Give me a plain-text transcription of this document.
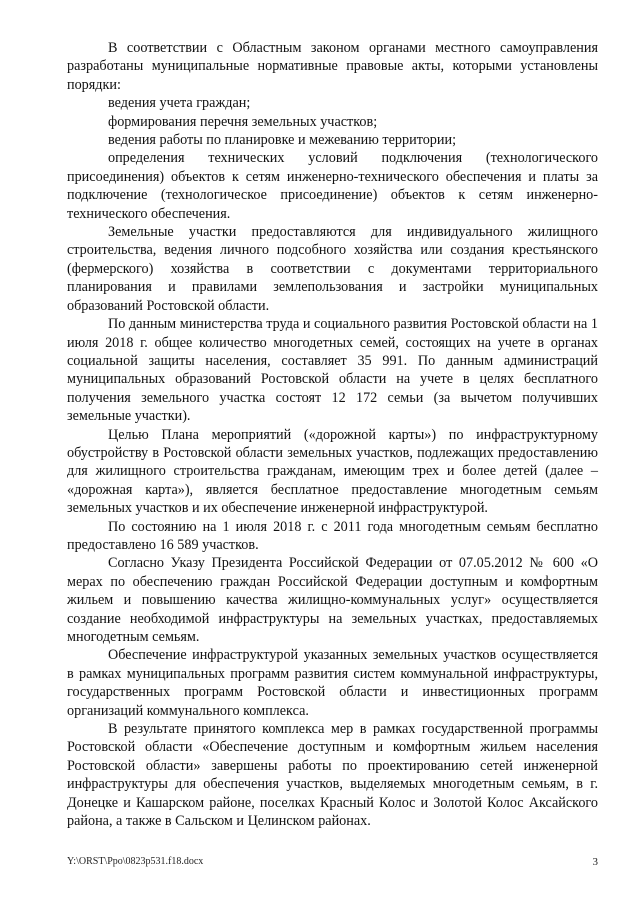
В соответствии с Областным законом органами местного самоуправления разработаны муниципальные нормативные правовые акты, которыми установлены порядки:

ведения учета граждан;

формирования перечня земельных участков;

ведения работы по планировке и межеванию территории;

определения технических условий подключения (технологического присоединения) объектов к сетям инженерно-технического обеспечения и платы за подключение (технологическое присоединение) объектов к сетям инженерно-технического обеспечения.

Земельные участки предоставляются для индивидуального жилищного строительства, ведения личного подсобного хозяйства или создания крестьянского (фермерского) хозяйства в соответствии с документами территориального планирования и правилами землепользования и застройки муниципальных образований Ростовской области.

По данным министерства труда и социального развития Ростовской области на 1 июля 2018 г. общее количество многодетных семей, состоящих на учете в органах социальной защиты населения, составляет 35 991. По данным администраций муниципальных образований Ростовской области на учете в целях бесплатного получения земельного участка состоят 12 172 семьи (за вычетом получивших земельные участки).

Целью Плана мероприятий («дорожной карты») по инфраструктурному обустройству в Ростовской области земельных участков, подлежащих предоставлению для жилищного строительства гражданам, имеющим трех и более детей (далее – «дорожная карта»), является бесплатное предоставление многодетным семьям земельных участков и их обеспечение инженерной инфраструктурой.

По состоянию на 1 июля 2018 г. с 2011 года многодетным семьям бесплатно предоставлено 16 589 участков.

Согласно Указу Президента Российской Федерации от 07.05.2012 № 600 «О мерах по обеспечению граждан Российской Федерации доступным и комфортным жильем и повышению качества жилищно-коммунальных услуг» осуществляется создание необходимой инфраструктуры на земельных участках, предоставляемых многодетным семьям.

Обеспечение инфраструктурой указанных земельных участков осуществляется в рамках муниципальных программ развития систем коммунальной инфраструктуры, государственных программ Ростовской области и инвестиционных программ организаций коммунального комплекса.

В результате принятого комплекса мер в рамках государственной программы Ростовской области «Обеспечение доступным и комфортным жильем населения Ростовской области» завершены работы по проектированию сетей инженерной инфраструктуры для обеспечения участков, выделяемых многодетным семьям, в г. Донецке и Кашарском районе, поселках Красный Колос и Золотой Колос Аксайского района, а также в Сальском и Целинском районах.

Y:\ORST\Ppo\0823p531.f18.docx	3
